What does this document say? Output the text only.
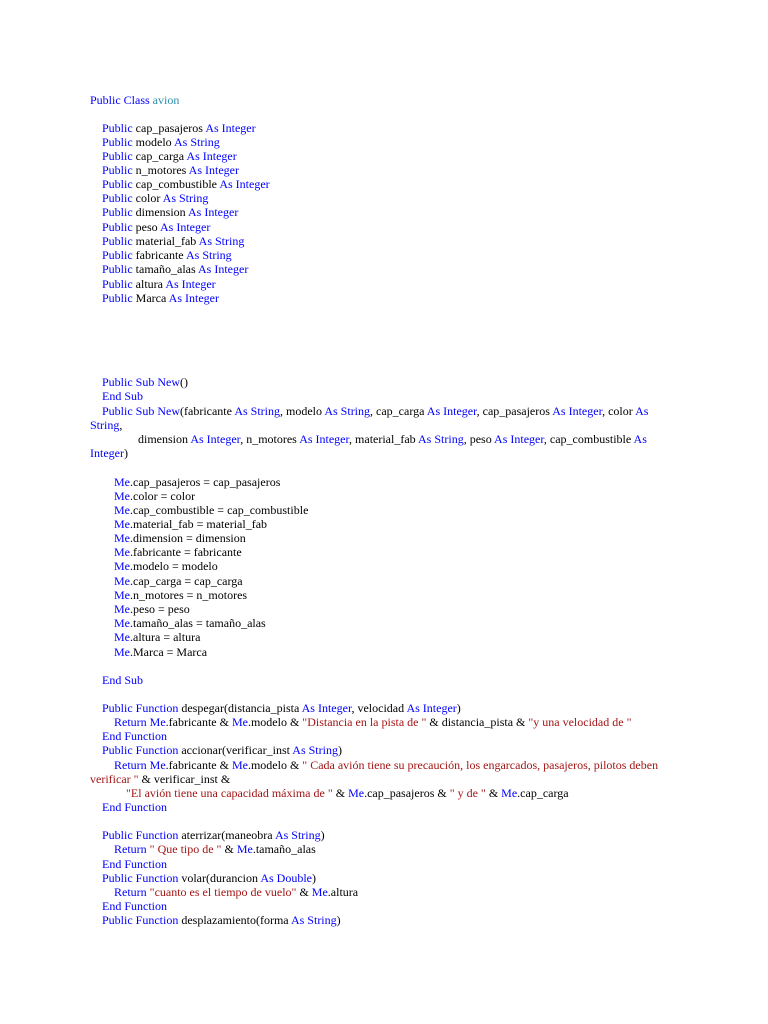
Public Class avion
Public cap_pasajeros As Integer
Public modelo As String
Public cap_carga As Integer
Public n_motores As Integer
Public cap_combustible As Integer
Public color As String
Public dimension As Integer
Public peso As Integer
Public material_fab As String
Public fabricante As String
Public tamaño_alas As Integer
Public altura As Integer
Public Marca As Integer
Public Sub New()
End Sub
Public Sub New(fabricante As String, modelo As String, cap_carga As Integer, cap_pasajeros As Integer, color As
String,
dimension As Integer, n_motores As Integer, material_fab As String, peso As Integer, cap_combustible As
Integer)
Me.cap_pasajeros = cap_pasajeros
Me.color = color
Me.cap_combustible = cap_combustible
Me.material_fab = material_fab
Me.dimension = dimension
Me.fabricante = fabricante
Me.modelo = modelo
Me.cap_carga = cap_carga
Me.n_motores = n_motores
Me.peso = peso
Me.tamaño_alas = tamaño_alas
Me.altura = altura
Me.Marca = Marca
End Sub
Public Function despegar(distancia_pista As Integer, velocidad As Integer)
Return Me.fabricante & Me.modelo & "Distancia en la pista de " & distancia_pista & "y una velocidad de "
End Function
Public Function accionar(verificar_inst As String)
Return Me.fabricante & Me.modelo & " Cada avión tiene su precaución, los engarcados, pasajeros, pilotos deben
verificar " & verificar_inst &
"El avión tiene una capacidad máxima de " & Me.cap_pasajeros & " y de " & Me.cap_carga
End Function
Public Function aterrizar(maneobra As String)
Return " Que tipo de " & Me.tamaño_alas
End Function
Public Function volar(durancion As Double)
Return "cuanto es el tiempo de vuelo" & Me.altura
End Function
Public Function desplazamiento(forma As String)
